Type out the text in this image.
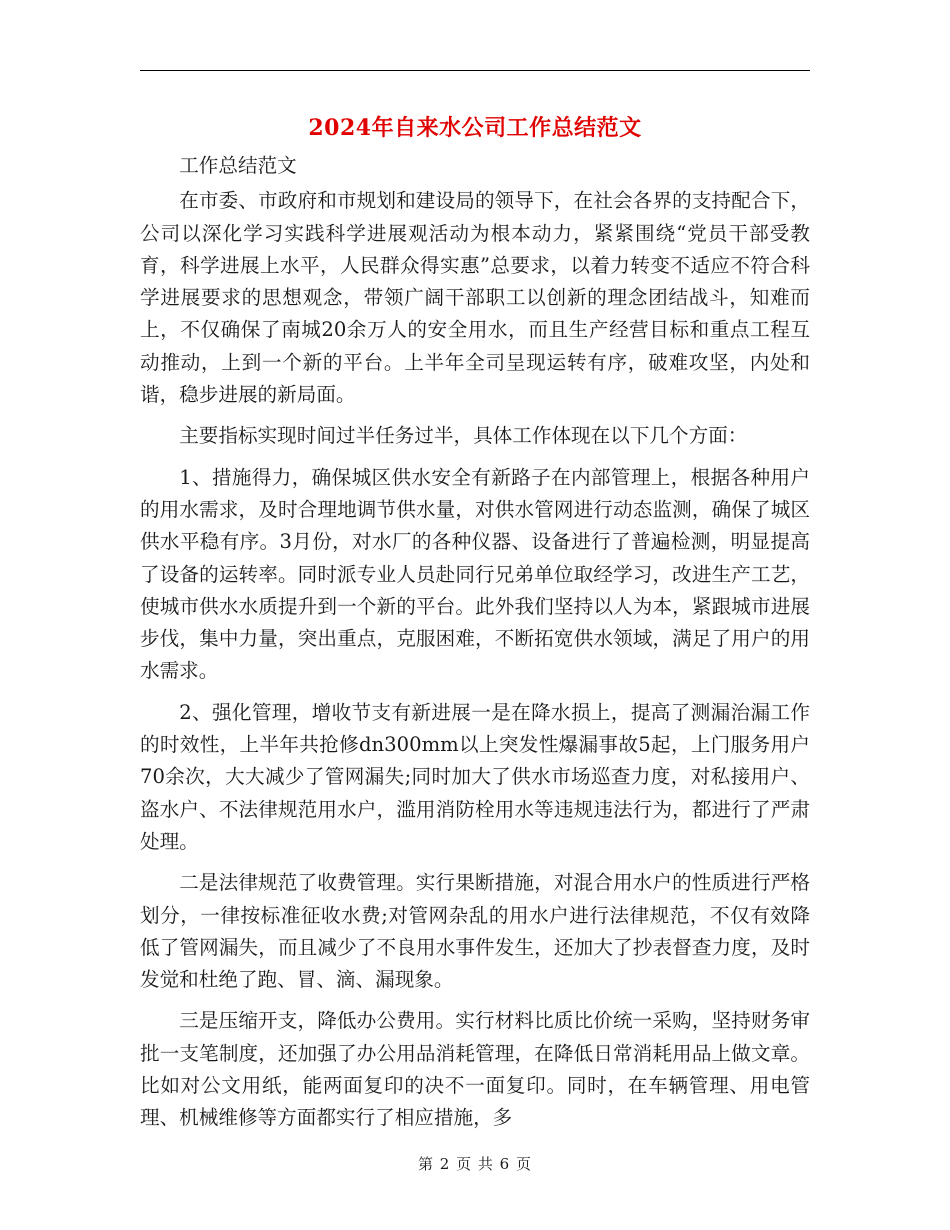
2024年自来水公司工作总结范文

工作总结范文

在市委、市政府和市规划和建设局的领导下，在社会各界的支持配合下，公司以深化学习实践科学进展观活动为根本动力，紧紧围绕“党员干部受教育，科学进展上水平，人民群众得实惠”总要求，以着力转变不适应不符合科学进展要求的思想观念，带领广阔干部职工以创新的理念团结战斗，知难而上，不仅确保了南城20余万人的安全用水，而且生产经营目标和重点工程互动推动，上到一个新的平台。上半年全司呈现运转有序，破难攻坚，内处和谐，稳步进展的新局面。

主要指标实现时间过半任务过半，具体工作体现在以下几个方面：

1、措施得力，确保城区供水安全有新路子在内部管理上，根据各种用户的用水需求，及时合理地调节供水量，对供水管网进行动态监测，确保了城区供水平稳有序。3月份，对水厂的各种仪器、设备进行了普遍检测，明显提高了设备的运转率。同时派专业人员赴同行兄弟单位取经学习，改进生产工艺，使城市供水水质提升到一个新的平台。此外我们坚持以人为本，紧跟城市进展步伐，集中力量，突出重点，克服困难，不断拓宽供水领域，满足了用户的用水需求。

2、强化管理，增收节支有新进展一是在降水损上，提高了测漏治漏工作的时效性，上半年共抢修dn300mm以上突发性爆漏事故5起，上门服务用户70余次，大大减少了管网漏失;同时加大了供水市场巡查力度，对私接用户、盗水户、不法律规范用水户，滥用消防栓用水等违规违法行为，都进行了严肃处理。

二是法律规范了收费管理。实行果断措施，对混合用水户的性质进行严格划分，一律按标准征收水费;对管网杂乱的用水户进行法律规范，不仅有效降低了管网漏失，而且减少了不良用水事件发生，还加大了抄表督查力度，及时发觉和杜绝了跑、冒、滴、漏现象。

三是压缩开支，降低办公费用。实行材料比质比价统一采购，坚持财务审批一支笔制度，还加强了办公用品消耗管理，在降低日常消耗用品上做文章。比如对公文用纸，能两面复印的决不一面复印。同时，在车辆管理、用电管理、机械维修等方面都实行了相应措施，多

第 2 页 共 6 页
